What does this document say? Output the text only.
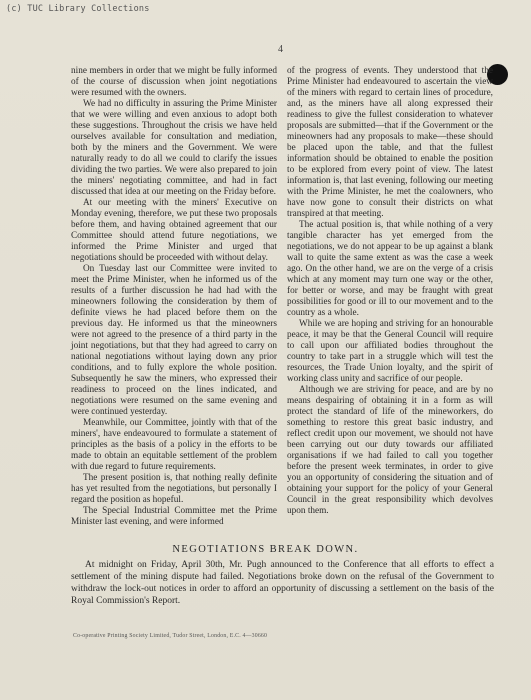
(c) TUC Library Collections
4

nine members in order that we might be fully informed of the course of discussion when joint negotiations were resumed with the owners.

We had no difficulty in assuring the Prime Minister that we were willing and even anxious to adopt both these suggestions. Throughout the crisis we have held ourselves available for consultation and mediation, both by the miners and the Government. We were naturally ready to do all we could to clarify the issues dividing the two parties. We were also prepared to join the miners' negotiating committee, and had in fact discussed that idea at our meeting on the Friday before.

At our meeting with the miners' Executive on Monday evening, therefore, we put these two proposals before them, and having obtained agreement that our Committee should attend future negotiations, we informed the Prime Minister and urged that negotiations should be proceeded with without delay.

On Tuesday last our Committee were invited to meet the Prime Minister, when he informed us of the results of a further discussion he had had with the mineowners following the consideration by them of definite views he had placed before them on the previous day. He informed us that the mineowners were not agreed to the presence of a third party in the joint negotiations, but that they had agreed to carry on national negotiations without laying down any prior conditions, and to fully explore the whole position. Subsequently he saw the miners, who expressed their readiness to proceed on the lines indicated, and negotiations were resumed on the same evening and were continued yesterday.

Meanwhile, our Committee, jointly with that of the miners', have endeavoured to formulate a statement of principles as the basis of a policy in the efforts to be made to obtain an equitable settlement of the problem with due regard to future requirements.

The present position is, that nothing really definite has yet resulted from the negotiations, but personally I regard the position as hopeful.

The Special Industrial Committee met the Prime Minister last evening, and were informed

of the progress of events. They understood that the Prime Minister had endeavoured to ascertain the view of the miners with regard to certain lines of procedure, and, as the miners have all along expressed their readiness to give the fullest consideration to whatever proposals are submitted—that if the Government or the mineowners had any proposals to make—these should be placed upon the table, and that the fullest information should be obtained to enable the position to be explored from every point of view. The latest information is, that last evening, following our meeting with the Prime Minister, he met the coalowners, who have now gone to consult their districts on what transpired at that meeting.

The actual position is, that while nothing of a very tangible character has yet emerged from the negotiations, we do not appear to be up against a blank wall to quite the same extent as was the case a week ago. On the other hand, we are on the verge of a crisis which at any moment may turn one way or the other, for better or worse, and may be fraught with great possibilities for good or ill to our movement and to the country as a whole.

While we are hoping and striving for an honourable peace, it may be that the General Council will require to call upon our affiliated bodies throughout the country to take part in a struggle which will test the resources, the Trade Union loyalty, and the spirit of working class unity and sacrifice of our people.

Although we are striving for peace, and are by no means despairing of obtaining it in a form as will protect the standard of life of the mineworkers, do something to restore this great basic industry, and reflect credit upon our movement, we should not have been carrying out our duty towards our affiliated organisations if we had failed to call you together before the present week terminates, in order to give you an opportunity of considering the situation and of obtaining your support for the policy of your General Council in the great responsibility which devolves upon them.

NEGOTIATIONS BREAK DOWN.

At midnight on Friday, April 30th, Mr. Pugh announced to the Conference that all efforts to effect a settlement of the mining dispute had failed. Negotiations broke down on the refusal of the Government to withdraw the lock-out notices in order to afford an opportunity of discussing a settlement on the basis of the Royal Commission's Report.

Co-operative Printing Society Limited, Tudor Street, London, E.C. 4—30660
